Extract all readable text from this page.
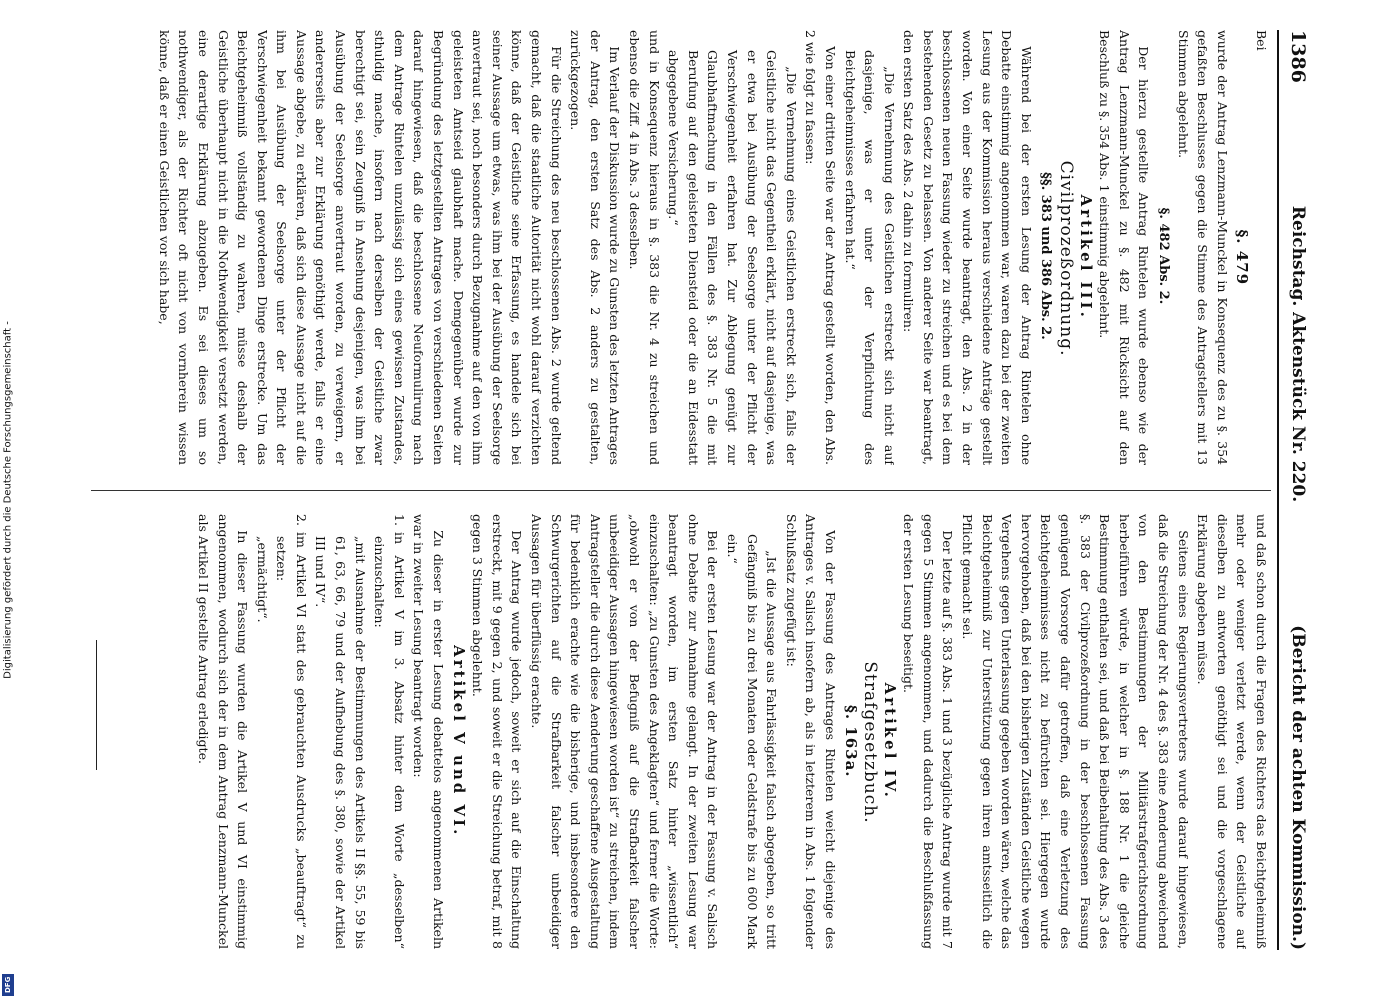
Digitalisierung gefördert durch die Deutsche Forschungsgemeinschaft -
DFG
1386
Reichstag. Aktenstück Nr. 220.
(Bericht der achten Kommission.)

Bei

§. 479

wurde der Antrag Lenzmann-Munckel in Konsequenz des zu §. 354 gefaßten Beschlusses gegen die Stimme des Antragstellers mit 13 Stimmen abgelehnt.

§. 482 Abs. 2.

Der hierzu gestellte Antrag Rintelen wurde ebenso wie der Antrag Lenzmann-Munckel zu §. 482 mit Rücksicht auf den Beschluß zu §. 354 Abs. 1 einstimmig abgelehnt.

Artikel III.

Civilprozeßordnung.

§§. 383 und 386 Abs. 2.

Während bei der ersten Lesung der Antrag Rintelen ohne Debatte einstimmig angenommen war, waren dazu bei der zweiten Lesung aus der Kommission heraus verschiedene Anträge gestellt worden. Von einer Seite wurde beantragt, den Abs. 2 in der beschlossenen neuen Fassung wieder zu streichen und es bei dem bestehenden Gesetz zu belassen. Von anderer Seite war beantragt, den ersten Satz des Abs. 2 dahin zu formuliren:

„Die Vernehmung des Geistlichen erstreckt sich nicht auf dasjenige, was er unter der Verpflichtung des Beichtgeheimnisses erfahren hat.“

Von einer dritten Seite war der Antrag gestellt worden, den Abs. 2 wie folgt zu fassen:

„Die Vernehmung eines Geistlichen erstreckt sich, falls der Geistliche nicht das Gegentheil erklärt, nicht auf dasjenige, was er etwa bei Ausübung der Seelsorge unter der Pflicht der Verschwiegenheit erfahren hat. Zur Ablegung genügt zur Glaubhaftmachung in den Fällen des §. 383 Nr. 5 die mit Berufung auf den geleisteten Diensteid oder die an Eidesstatt abgegebene Versicherung.“

und in Konsequenz hieraus in §. 383 die Nr. 4 zu streichen und ebenso die Ziff. 4 in Abs. 3 desselben.

Im Verlauf der Diskussion wurde zu Gunsten des letzten Antrages der Antrag, den ersten Satz des Abs. 2 anders zu gestalten, zurückgezogen.

Für die Streichung des neu beschlossenen Abs. 2 wurde geltend gemacht, daß die staatliche Autorität nicht wohl darauf verzichten könne, daß der Geistliche seine Erfassung, es handele sich bei seiner Aussage um etwas, was ihm bei der Ausübung der Seelsorge anvertraut sei, noch besonders durch Bezugnahme auf den von ihm geleisteten Amtseid glaubhaft mache. Demgegenüber wurde zur Begründung des letztgestellten Antrages von verschiedenen Seiten darauf hingewiesen, daß die beschlossene Neuformulirung nach dem Antrage Rintelen unzulässig sich eines gewissen Zustandes, sthuldig mache, insofern nach derselben der Geistliche zwar berechtigt sei, sein Zeugniß in Ansehung desjenigen, was ihm bei Ausübung der Seelsorge anvertraut worden, zu verweigern, er andererseits aber zur Erklärung genöthigt werde, falls er eine Aussage abgebe, zu erklären, daß sich diese Aussage nicht auf die ihm bei Ausübung der Seelsorge unter der Pflicht der Verschwiegenheit bekannt gewordenen Dinge erstrecke. Um das Beichtgeheimniß vollständig zu wahren, müsse deshalb der Geistliche überhaupt nicht in die Nothwendigkeit versetzt werden, eine derartige Erklärung abzugeben. Es sei dieses um so nothwendiger, als der Richter oft nicht von vornherein wissen könne, daß er einen Geistlichen vor sich habe,

und daß schon durch die Fragen des Richters das Beichtgeheimniß mehr oder weniger verletzt werde, wenn der Geistliche auf dieselben zu antworten genöthigt sei und die vorgeschlagene Erklärung abgeben müsse.

Seitens eines Regierungsvertreters wurde darauf hingewiesen, daß die Streichung der Nr. 4 des §. 383 eine Aenderung abweichend von den Bestimmungen der Militärstrafgerichtsordnung herbeiführen würde, in welcher in §. 188 Nr. 1 die gleiche Bestimmung enthalten sei, und daß bei Beibehaltung des Abs. 3 des §. 383 der Civilprozeßordnung in der beschlossenen Fassung genügend Vorsorge dafür getroffen, daß eine Verletzung des Beichtgeheimnisses nicht zu befürchten sei. Hiergegen wurde hervorgehoben, daß bei den bisherigen Zuständen Geistliche wegen Vergehens gegen Unterlassung gegeben worden wären, welche das Beichtgeheimniß zur Unterstützung gegen ihren amtsseitlich die Pflicht gemacht sei.

Der letzte auf §. 383 Abs. 1 und 3 bezügliche Antrag wurde mit 7 gegen 5 Stimmen angenommen, und dadurch die Beschlußfassung der ersten Lesung beseitigt.

Artikel IV.

Strafgesetzbuch.

§. 163a.

Von der Fassung des Antrages Rintelen weicht diejenige des Antrages v. Salisch insofern ab, als in letzterem in Abs. 1 folgender Schlußsatz zugefügt ist:

„Ist die Aussage aus Fahrlässigkeit falsch abgegeben, so tritt Gefängniß bis zu drei Monaten oder Geldstrafe bis zu 600 Mark ein.“

Bei der ersten Lesung war der Antrag in der Fassung v. Salisch ohne Debatte zur Annahme gelangt. In der zweiten Lesung war beantragt worden, im ersten Satz hinter „wissentlich“ einzuschalten: „zu Gunsten des Angeklagten“ und ferner die Worte: „obwohl er von der Befugniß auf die Strafbarkeit falscher unbeeidiger Aussagen hingewiesen worden ist“ zu streichen, indem Antragsteller die durch diese Aenderung geschaffene Ausgestaltung für bedenklich erachte wie die bisherige, und insbesondere den Schwurgerichten auf die Strafbarkeit falscher unbeeidiger Aussagen für überflüssig erachte.

Der Antrag wurde jedoch, soweit er sich auf die Einschaltung erstreckt, mit 9 gegen 2, und soweit er die Streichung betraf, mit 8 gegen 3 Stimmen abgelehnt.

Artikel V und VI.

Zu dieser in erster Lesung debattelos angenommenen Artikeln war in zweiter Lesung beantragt worden:

1.in Artikel V im 3. Absatz hinter dem Worte „desselben“ einzuschalten:

„mit Ausnahme der Bestimmungen des Artikels II §§. 55, 59 bis 61, 63, 66, 79 und der Aufhebung des §. 380, sowie der Artikel III und IV“.

2.im Artikel VI statt des gebrauchten Ausdrucks „beauftragt“ zu setzen:

„ermächtigt“.

In dieser Fassung wurden die Artikel V und VI einstimmig angenommen, wodurch sich der in dem Antrag Lenzmann-Munckel als Artikel II gestellte Antrag erledigte.
